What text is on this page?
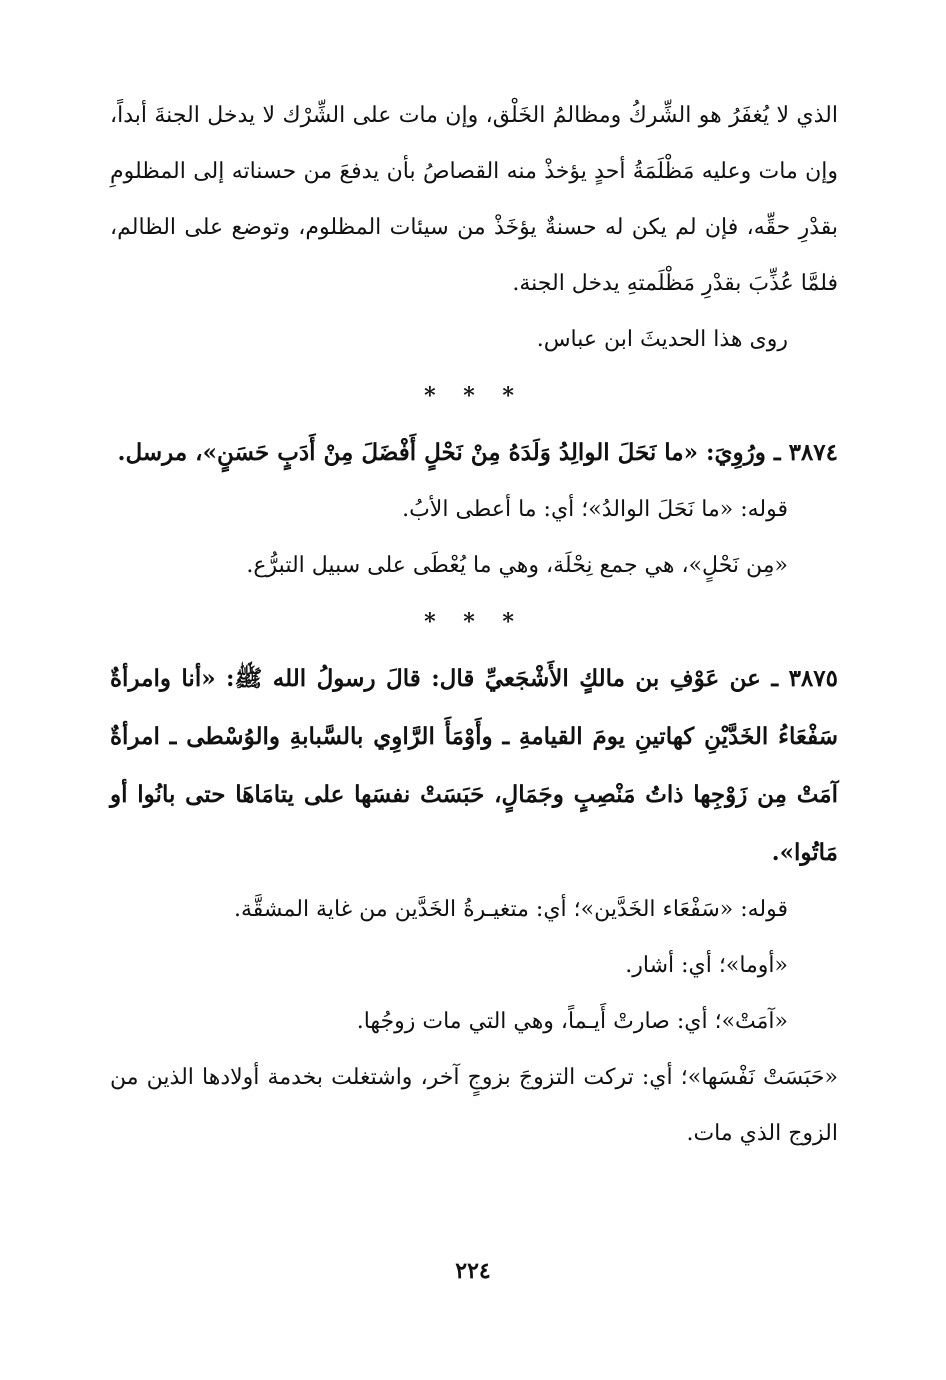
الذي لا يُغفَرُ هو الشِّركُ ومظالمُ الخَلْق، وإن مات على الشِّرْك لا يدخل الجنةَ أبداً، وإن مات وعليه مَظْلَمَةُ أحدٍ يؤخذْ منه القصاصُ بأن يدفعَ من حسناته إلى المظلومِ بقدْرِ حقِّه، فإن لم يكن له حسنةٌ يؤخَذْ من سيئات المظلوم، وتوضع على الظالم، فلمَّا عُذِّبَ بقدْرِ مَظْلَمتهِ يدخل الجنة.

روى هذا الحديثَ ابن عباس.

* * *

٣٨٧٤ ـ ورُوِيَ: «ما نَحَلَ الوالِدُ وَلَدَهُ مِنْ نَحْلٍ أَفْضَلَ مِنْ أَدَبٍ حَسَنٍ»، مرسل.

قوله: «ما نَحَلَ الوالدُ»؛ أي: ما أعطى الأبُ.

«مِن نَحْلٍ»، هي جمع نِحْلَة، وهي ما يُعْطَى على سبيل التبرُّع.

* * *

٣٨٧٥ ـ عن عَوْفِ بن مالكٍ الأَشْجَعيِّ قال: قالَ رسولُ الله ﷺ: «أنا وامرأةٌ سَفْعَاءُ الخَدَّيْنِ كهاتينِ يومَ القيامةِ ـ وأَوْمَأَ الرَّاوِي بالسَّبابةِ والوُسْطى ـ امرأةٌ آمَتْ مِن زَوْجِها ذاتُ مَنْصِبٍ وجَمَالٍ، حَبَسَتْ نفسَها على يتامَاهَا حتى بانُوا أو مَاتُوا».

قوله: «سَفْعَاء الخَدَّين»؛ أي: متغيـرةُ الخَدَّين من غاية المشقَّة.

«أوما»؛ أي: أشار.

«آمَتْ»؛ أي: صارتْ أَيـماً، وهي التي مات زوجُها.

«حَبَسَتْ نَفْسَها»؛ أي: تركت التزوجَ بزوجٍ آخر، واشتغلت بخدمة أولادها الذين من الزوج الذي مات.

٢٢٤
